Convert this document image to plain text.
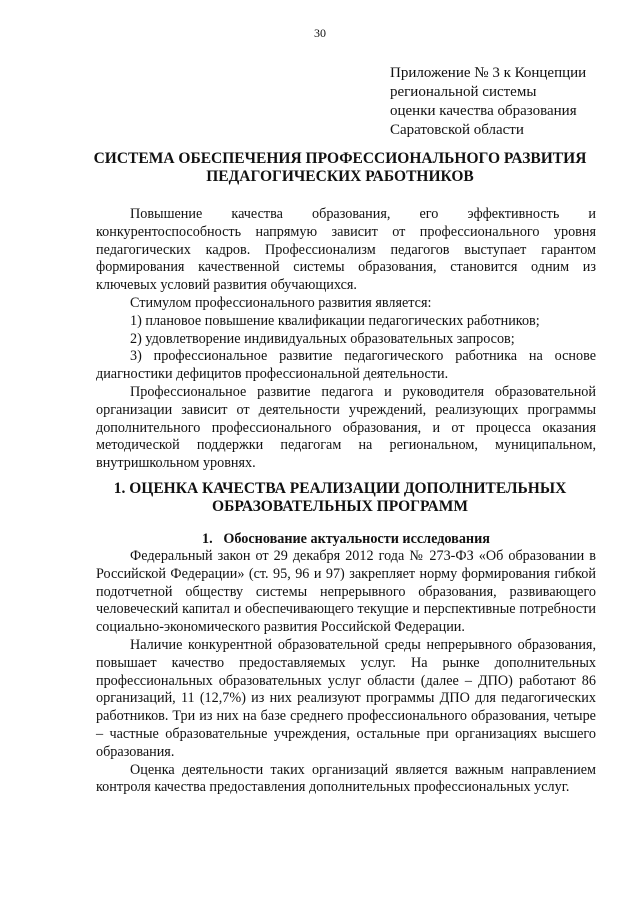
30
Приложение № 3 к Концепции
региональной системы
оценки качества образования
Саратовской области
СИСТЕМА ОБЕСПЕЧЕНИЯ ПРОФЕССИОНАЛЬНОГО РАЗВИТИЯ
ПЕДАГОГИЧЕСКИХ РАБОТНИКОВ

Повышение качества образования, его эффективность и конкурентоспособность напрямую зависит от профессионального уровня педагогических кадров. Профессионализм педагогов выступает гарантом формирования качественной системы образования, становится одним из ключевых условий развития обучающихся.

Стимулом профессионального развития является:

1) плановое повышение квалификации педагогических работников;

2) удовлетворение индивидуальных образовательных запросов;

3) профессиональное развитие педагогического работника на основе диагностики дефицитов профессиональной деятельности.

Профессиональное развитие педагога и руководителя образовательной организации зависит от деятельности учреждений, реализующих программы дополнительного профессионального образования, и от процесса оказания методической поддержки педагогам на региональном, муниципальном, внутришкольном уровнях.

1. ОЦЕНКА КАЧЕСТВА РЕАЛИЗАЦИИ ДОПОЛНИТЕЛЬНЫХ
ОБРАЗОВАТЕЛЬНЫХ ПРОГРАММ
1.   Обоснование актуальности исследования

Федеральный закон от 29 декабря 2012 года № 273-ФЗ «Об образовании в Российской Федерации» (ст. 95, 96 и 97) закрепляет норму формирования гибкой подотчетной обществу системы непрерывного образования, развивающего человеческий капитал и обеспечивающего текущие и перспективные потребности социально-экономического развития Российской Федерации.

Наличие конкурентной образовательной среды непрерывного образования, повышает качество предоставляемых услуг. На рынке дополнительных профессиональных образовательных услуг области (далее – ДПО) работают 86 организаций, 11 (12,7%) из них реализуют программы ДПО для педагогических работников. Три из них на базе среднего профессионального образования, четыре – частные образовательные учреждения, остальные при организациях высшего образования.

Оценка деятельности таких организаций является важным направлением контроля качества предоставления дополнительных профессиональных услуг.
